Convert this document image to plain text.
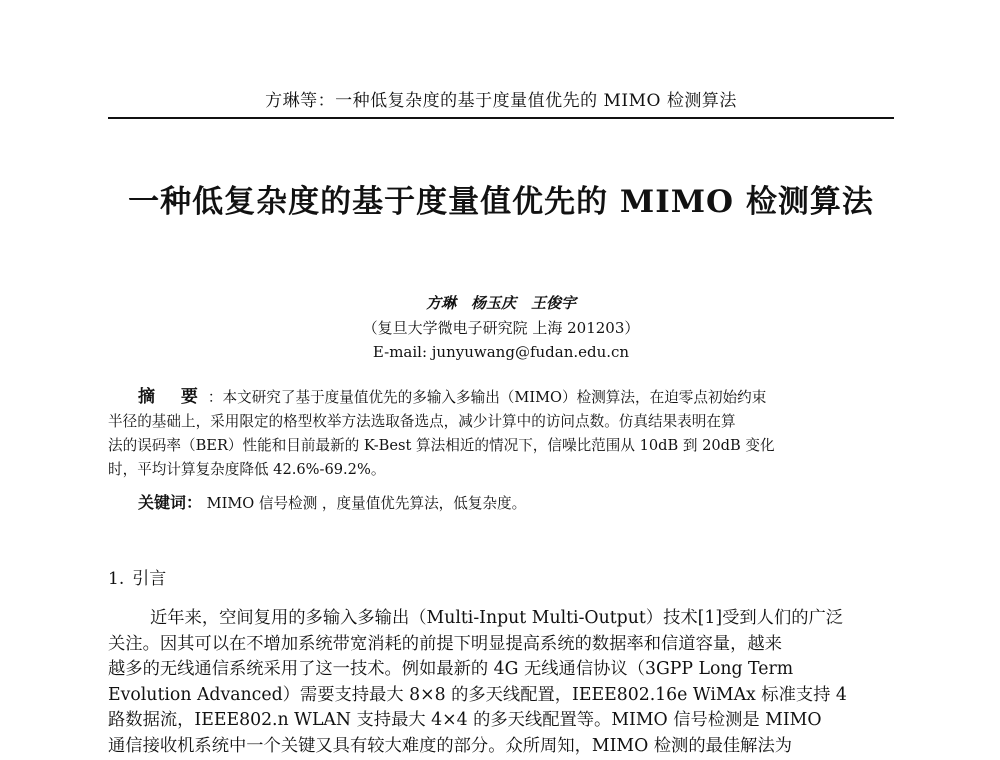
方琳等：一种低复杂度的基于度量值优先的 MIMO 检测算法
一种低复杂度的基于度量值优先的 MIMO 检测算法
方琳　杨玉庆　王俊宇
（复旦大学微电子研究院 上海 201203）
E-mail: junyuwang@fudan.edu.cn
摘 要：本文研究了基于度量值优先的多输入多输出（MIMO）检测算法，在迫零点初始约束
半径的基础上，采用限定的格型枚举方法选取备选点，减少计算中的访问点数。仿真结果表明在算
法的误码率（BER）性能和目前最新的 K-Best 算法相近的情况下，信噪比范围从 10dB 到 20dB 变化
时，平均计算复杂度降低 42.6%-69.2%。
关键词： MIMO 信号检测 ，度量值优先算法，低复杂度。
1. 引言
近年来，空间复用的多输入多输出（Multi-Input Multi-Output）技术[1]受到人们的广泛
关注。因其可以在不增加系统带宽消耗的前提下明显提高系统的数据率和信道容量，越来
越多的无线通信系统采用了这一技术。例如最新的 4G 无线通信协议（3GPP Long Term
Evolution Advanced）需要支持最大 8×8 的多天线配置，IEEE802.16e WiMAx 标准支持 4
路数据流，IEEE802.n WLAN 支持最大 4×4 的多天线配置等。MIMO 信号检测是 MIMO
通信接收机系统中一个关键又具有较大难度的部分。众所周知，MIMO 检测的最佳解法为
